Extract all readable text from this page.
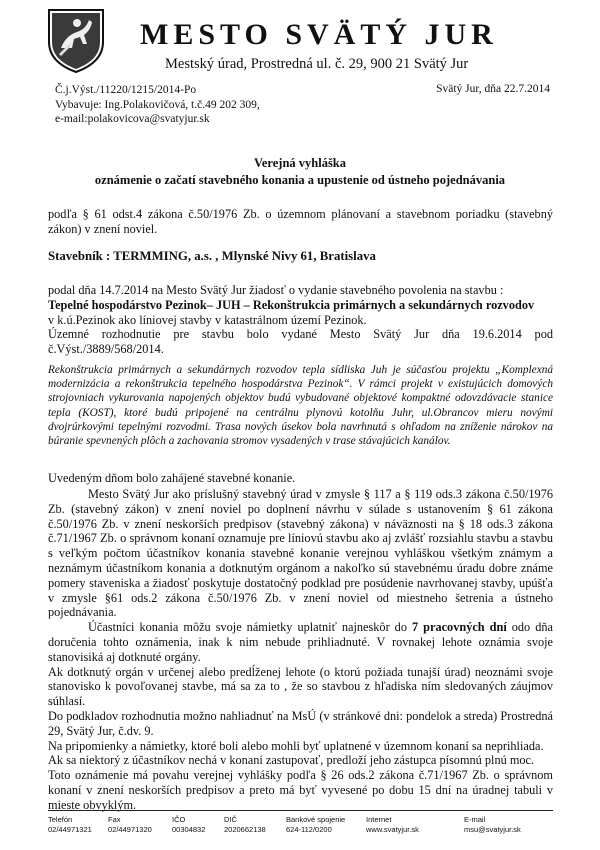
MESTO SVÄTÝ JUR
Mestský úrad, Prostredná ul. č. 29, 900 21 Svätý Jur
Č.j.Výst./11220/1215/2014-Po
Vybavuje: Ing.Polakovičová, t.č.49 202 309,
e-mail:polakovicova@svatyjur.sk
Svätý Jur, dňa 22.7.2014
Verejná vyhláška
oznámenie o začatí stavebného konania a upustenie od ústneho pojednávania
podľa § 61 odst.4 zákona č.50/1976 Zb. o územnom plánovaní a stavebnom poriadku (stavebný zákon) v znení noviel.
Stavebník : TERMMING, a.s. , Mlynské Nivy 61, Bratislava
podal dňa 14.7.2014 na Mesto Svätý Jur žiadosť o vydanie stavebného povolenia na stavbu :
Tepelné hospodárstvo Pezinok– JUH – Rekonštrukcia primárnych a sekundárnych rozvodov
v k.ú.Pezinok ako líniovej stavby v katastrálnom území Pezinok.
Územné rozhodnutie pre stavbu bolo vydané Mesto Svätý Jur dňa 19.6.2014 pod č.Výst./3889/568/2014.
Rekonštrukcia primárnych a sekundárnych rozvodov tepla sídliska Juh je súčasťou projektu „Komplexná modernizácia a rekonštrukcia tepelného hospodárstva Pezinok“. V rámci projekt v existujúcich domových strojovniach vykurovania napojených objektov budú vybudované objektové kompaktné odovzdávacie stanice tepla (KOST), ktoré budú pripojené na centrálnu plynovú kotolňu Juhr, ul.Obrancov mieru novými dvojrúrkovými tepelnými rozvodmi. Trasa nových úsekov bola navrhnutá s ohľadom na zníženie nárokov na búranie spevnených plôch a zachovania stromov vysadených v trase stávajúcich kanálov.
Uvedeným dňom bolo zahájené stavebné konanie.
Mesto Svätý Jur ako príslušný stavebný úrad v zmysle § 117 a § 119 ods.3 zákona č.50/1976 Zb. (stavebný zákon) v znení noviel po doplnení návrhu v súlade s ustanovením § 61 zákona č.50/1976 Zb. v znení neskorších predpisov (stavebný zákona) v náväznosti na § 18 ods.3 zákona č.71/1967 Zb. o správnom konaní oznamuje pre líniovú stavbu ako aj zvlášť rozsiahlu stavbu a stavbu s veľkým počtom účastníkov konania stavebné konanie verejnou vyhláškou všetkým známym a neznámym účastníkom konania a dotknutým orgánom a nakoľko sú stavebnému úradu dobre známe pomery staveniska a žiadosť poskytuje dostatočný podklad pre posúdenie navrhovanej stavby, upúšťa v zmysle §61 ods.2 zákona č.50/1976 Zb. v znení noviel od miestneho šetrenia a ústneho pojednávania.
Účastníci konania môžu svoje námietky uplatniť najneskôr do 7 pracovných dní odo dňa doručenia tohto oznámenia, inak k nim nebude prihliadnuté. V rovnakej lehote oznámia svoje stanovisiká aj dotknuté orgány.
Ak dotknutý orgán v určenej alebo predĺženej lehote (o ktorú požiada tunajší úrad) neoznámi svoje stanovisko k povoľovanej stavbe, má sa za to , že so stavbou z hľadiska ním sledovaných záujmov súhlasí.
Do podkladov rozhodnutia možno nahliadnuť na MsÚ (v stránkové dni: pondelok a streda) Prostredná 29, Svätý Jur, č.dv. 9.
Na pripomienky a námietky, ktoré boli alebo mohli byť uplatnené v územnom konaní sa neprihliada.
Ak sa niektorý z účastníkov nechá v konaní zastupovať, predloží jeho zástupca písomnú plnú moc.
Toto oznámenie má povahu verejnej vyhlášky podľa § 26 ods.2 zákona č.71/1967 Zb. o správnom konaní v znení neskorších predpisov a preto má byť vyvesené po dobu 15 dní na úradnej tabuli v mieste obvyklým.
Telefón
02/44971321
Fax
02/44971320
IČO
00304832
DIČ
2020662138
Bankové spojenie
624-112/0200
Internet
www.svatyjur.sk
E-mail
msu@svatyjur.sk
